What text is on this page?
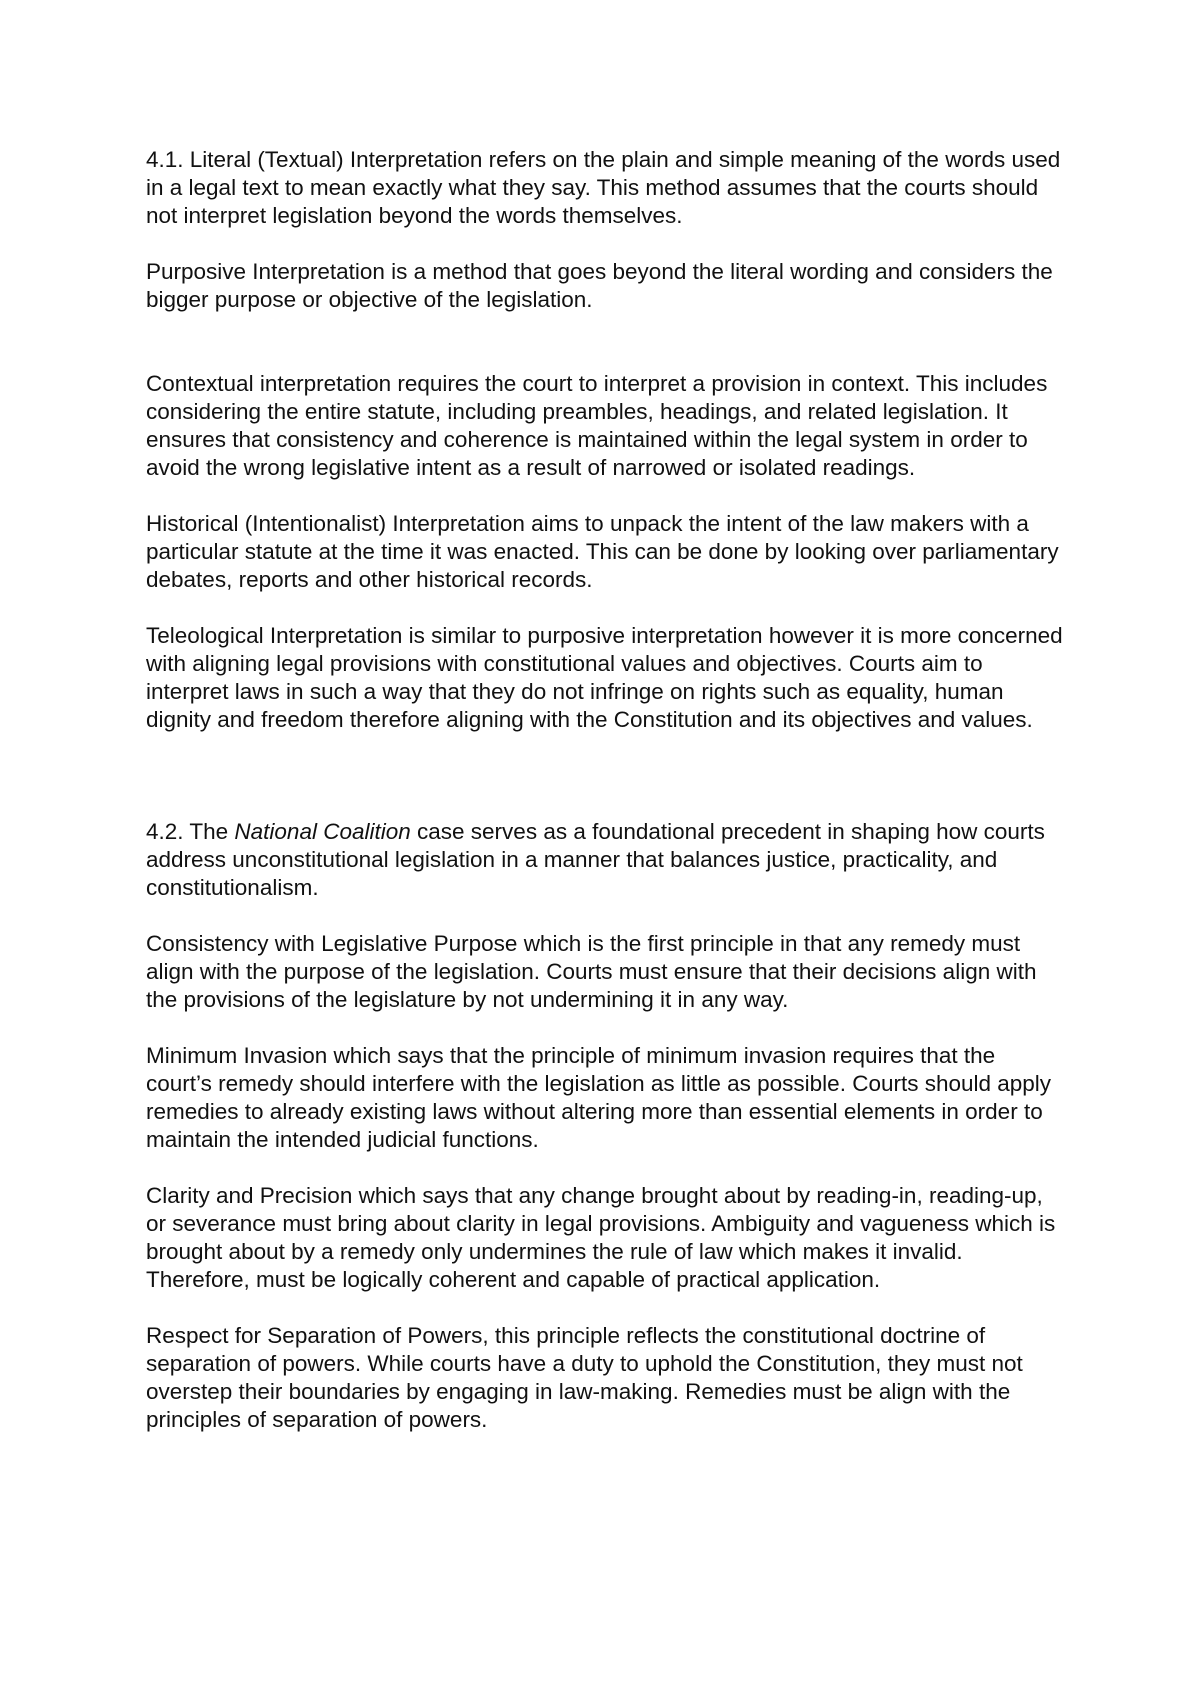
4.1. Literal (Textual) Interpretation refers on the plain and simple meaning of the words used in a legal text to mean exactly what they say. This method assumes that the courts should not interpret legislation beyond the words themselves.

Purposive Interpretation is a method that goes beyond the literal wording and considers the bigger purpose or objective of the legislation.

Contextual interpretation requires the court to interpret a provision in context. This includes considering the entire statute, including preambles, headings, and related legislation. It ensures that consistency and coherence is maintained within the legal system in order to avoid the wrong legislative intent as a result of narrowed or isolated readings.

Historical (Intentionalist) Interpretation aims to unpack the intent of the law makers with a particular statute at the time it was enacted. This can be done by looking over parliamentary debates, reports and other historical records.

Teleological Interpretation is similar to purposive interpretation however it is more concerned with aligning legal provisions with constitutional values and objectives. Courts aim to interpret laws in such a way that they do not infringe on rights such as equality, human dignity and freedom therefore aligning with the Constitution and its objectives and values.

4.2. The National Coalition case serves as a foundational precedent in shaping how courts address unconstitutional legislation in a manner that balances justice, practicality, and constitutionalism.

Consistency with Legislative Purpose which is the first principle in that any remedy must align with the purpose of the legislation. Courts must ensure that their decisions align with the provisions of the legislature by not undermining it in any way.

Minimum Invasion which says that the principle of minimum invasion requires that the court’s remedy should interfere with the legislation as little as possible. Courts should apply remedies to already existing laws without altering more than essential elements in order to maintain the intended judicial functions.

Clarity and Precision which says that any change brought about by reading-in, reading-up, or severance must bring about clarity in legal provisions. Ambiguity and vagueness which is brought about by a remedy only undermines the rule of law which makes it invalid. Therefore, must be logically coherent and capable of practical application.

Respect for Separation of Powers, this principle reflects the constitutional doctrine of separation of powers. While courts have a duty to uphold the Constitution, they must not overstep their boundaries by engaging in law-making. Remedies must be align with the principles of separation of powers.
